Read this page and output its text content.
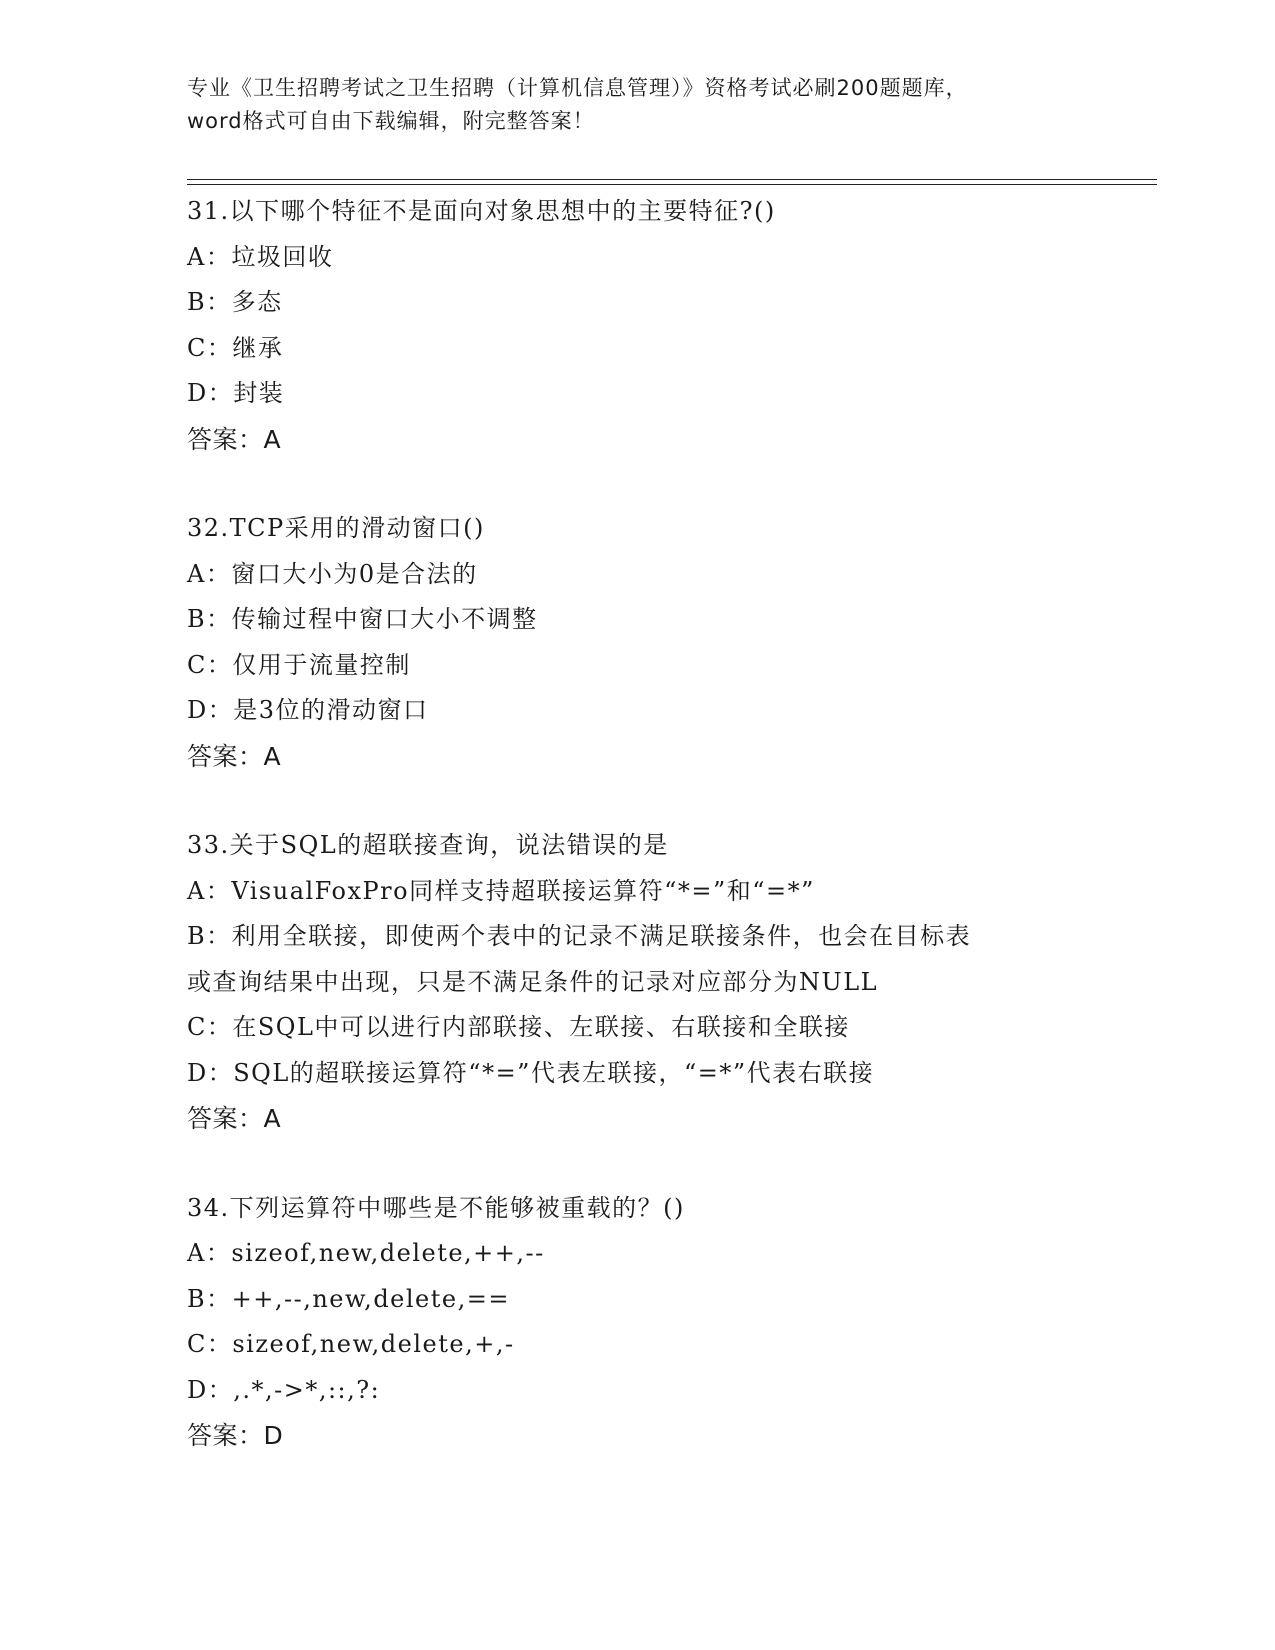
专业《卫生招聘考试之卫生招聘（计算机信息管理）》资格考试必刷200题题库，
word格式可自由下载编辑，附完整答案！
31.以下哪个特征不是面向对象思想中的主要特征?()
A：垃圾回收
B：多态
C：继承
D：封装
答案：A
32.TCP采用的滑动窗口()
A：窗口大小为0是合法的
B：传输过程中窗口大小不调整
C：仅用于流量控制
D：是3位的滑动窗口
答案：A
33.关于SQL的超联接查询，说法错误的是
A：VisualFoxPro同样支持超联接运算符“*=”和“=*”
B：利用全联接，即使两个表中的记录不满足联接条件，也会在目标表
或查询结果中出现，只是不满足条件的记录对应部分为NULL
C：在SQL中可以进行内部联接、左联接、右联接和全联接
D：SQL的超联接运算符“*=”代表左联接，“=*”代表右联接
答案：A
34.下列运算符中哪些是不能够被重载的？()
A：sizeof,new,delete,++,--
B：++,--,new,delete,==
C：sizeof,new,delete,+,-
D：,.*,->*,::,?:
答案：D
